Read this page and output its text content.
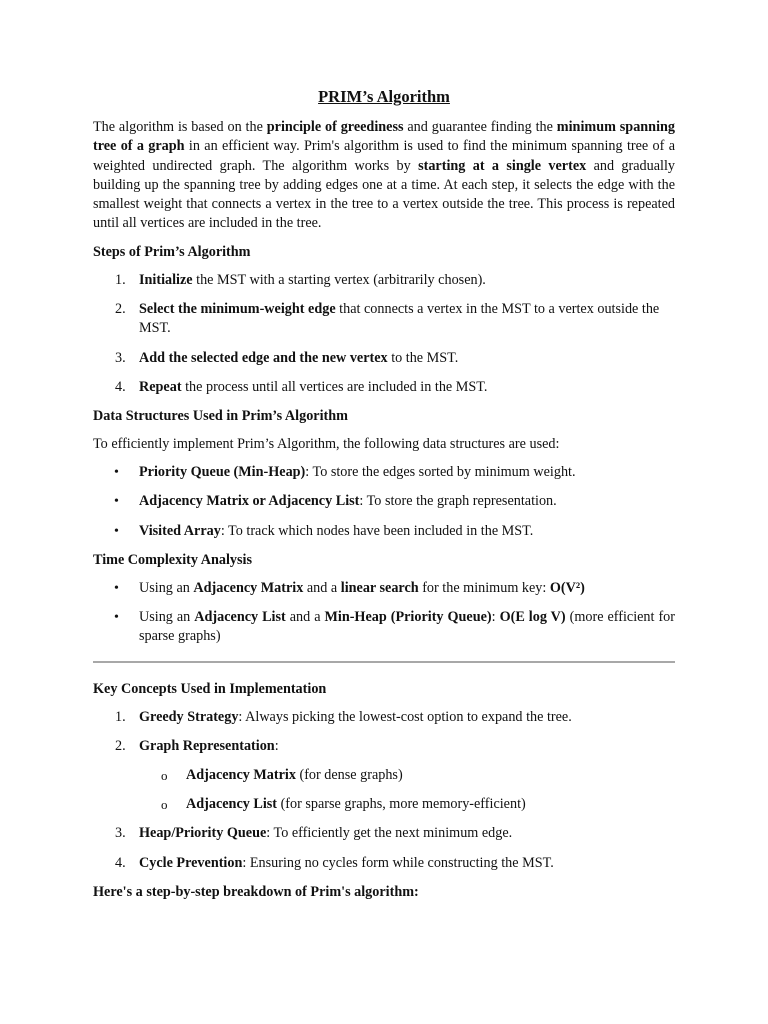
PRIM’s Algorithm

The algorithm is based on the principle of greediness and guarantee finding the minimum spanning tree of a graph in an efficient way. Prim's algorithm is used to find the minimum spanning tree of a weighted undirected graph. The algorithm works by starting at a single vertex and gradually building up the spanning tree by adding edges one at a time. At each step, it selects the edge with the smallest weight that connects a vertex in the tree to a vertex outside the tree. This process is repeated until all vertices are included in the tree.

Steps of Prim’s Algorithm
1. Initialize the MST with a starting vertex (arbitrarily chosen).
2. Select the minimum-weight edge that connects a vertex in the MST to a vertex outside the MST.
3. Add the selected edge and the new vertex to the MST.
4. Repeat the process until all vertices are included in the MST.
Data Structures Used in Prim’s Algorithm

To efficiently implement Prim’s Algorithm, the following data structures are used:

• Priority Queue (Min-Heap): To store the edges sorted by minimum weight.
• Adjacency Matrix or Adjacency List: To store the graph representation.
• Visited Array: To track which nodes have been included in the MST.
Time Complexity Analysis
• Using an Adjacency Matrix and a linear search for the minimum key: O(V²)
• Using an Adjacency List and a Min-Heap (Priority Queue): O(E log V) (more efficient for sparse graphs)
Key Concepts Used in Implementation
1. Greedy Strategy: Always picking the lowest-cost option to expand the tree.
2. Graph Representation:
o Adjacency Matrix (for dense graphs)
o Adjacency List (for sparse graphs, more memory-efficient)
3. Heap/Priority Queue: To efficiently get the next minimum edge.
4. Cycle Prevention: Ensuring no cycles form while constructing the MST.
Here's a step-by-step breakdown of Prim's algorithm:
